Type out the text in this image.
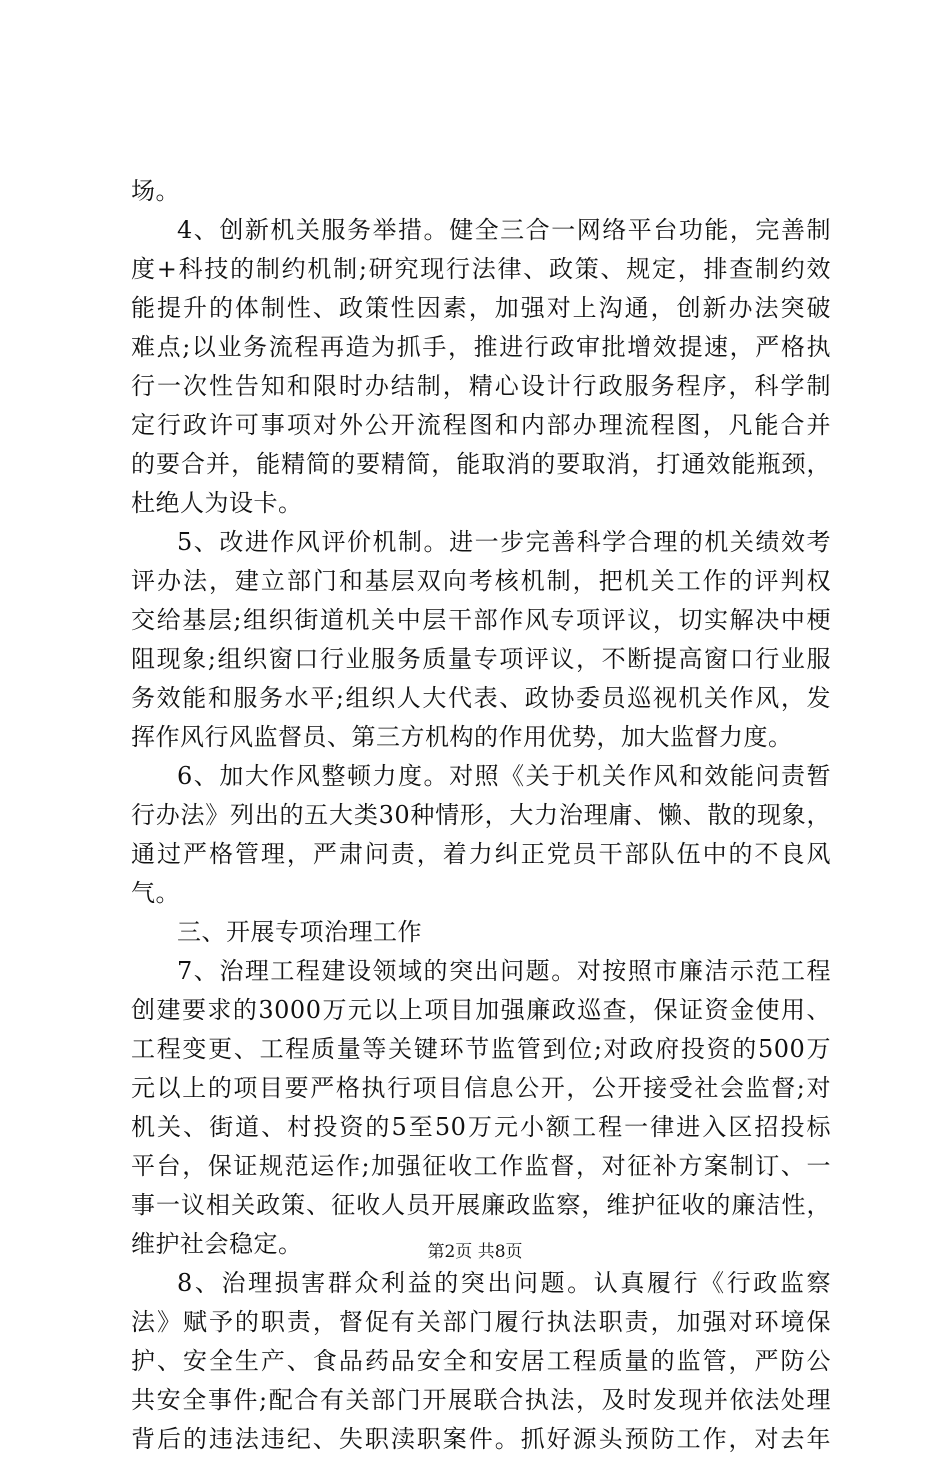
场。
4、创新机关服务举措。健全三合一网络平台功能，完善制
度+科技的制约机制;研究现行法律、政策、规定，排查制约效
能提升的体制性、政策性因素，加强对上沟通，创新办法突破
难点;以业务流程再造为抓手，推进行政审批增效提速，严格执
行一次性告知和限时办结制，精心设计行政服务程序，科学制
定行政许可事项对外公开流程图和内部办理流程图，凡能合并
的要合并，能精简的要精简，能取消的要取消，打通效能瓶颈，
杜绝人为设卡。
5、改进作风评价机制。进一步完善科学合理的机关绩效考
评办法，建立部门和基层双向考核机制，把机关工作的评判权
交给基层;组织街道机关中层干部作风专项评议，切实解决中梗
阻现象;组织窗口行业服务质量专项评议，不断提高窗口行业服
务效能和服务水平;组织人大代表、政协委员巡视机关作风，发
挥作风行风监督员、第三方机构的作用优势，加大监督力度。
6、加大作风整顿力度。对照《关于机关作风和效能问责暂
行办法》列出的五大类30种情形，大力治理庸、懒、散的现象，
通过严格管理，严肃问责，着力纠正党员干部队伍中的不良风
气。
三、开展专项治理工作
7、治理工程建设领域的突出问题。对按照市廉洁示范工程
创建要求的3000万元以上项目加强廉政巡查，保证资金使用、
工程变更、工程质量等关键环节监管到位;对政府投资的500万
元以上的项目要严格执行项目信息公开，公开接受社会监督;对
机关、街道、村投资的5至50万元小额工程一律进入区招投标
平台，保证规范运作;加强征收工作监督，对征补方案制订、一
事一议相关政策、征收人员开展廉政监察，维护征收的廉洁性，
维护社会稳定。
8、治理损害群众利益的突出问题。认真履行《行政监察
法》赋予的职责，督促有关部门履行执法职责，加强对环境保
护、安全生产、食品药品安全和安居工程质量的监管，严防公
共安全事件;配合有关部门开展联合执法，及时发现并依法处理
背后的违法违纪、失职渎职案件。抓好源头预防工作，对去年
第2页 共8页
